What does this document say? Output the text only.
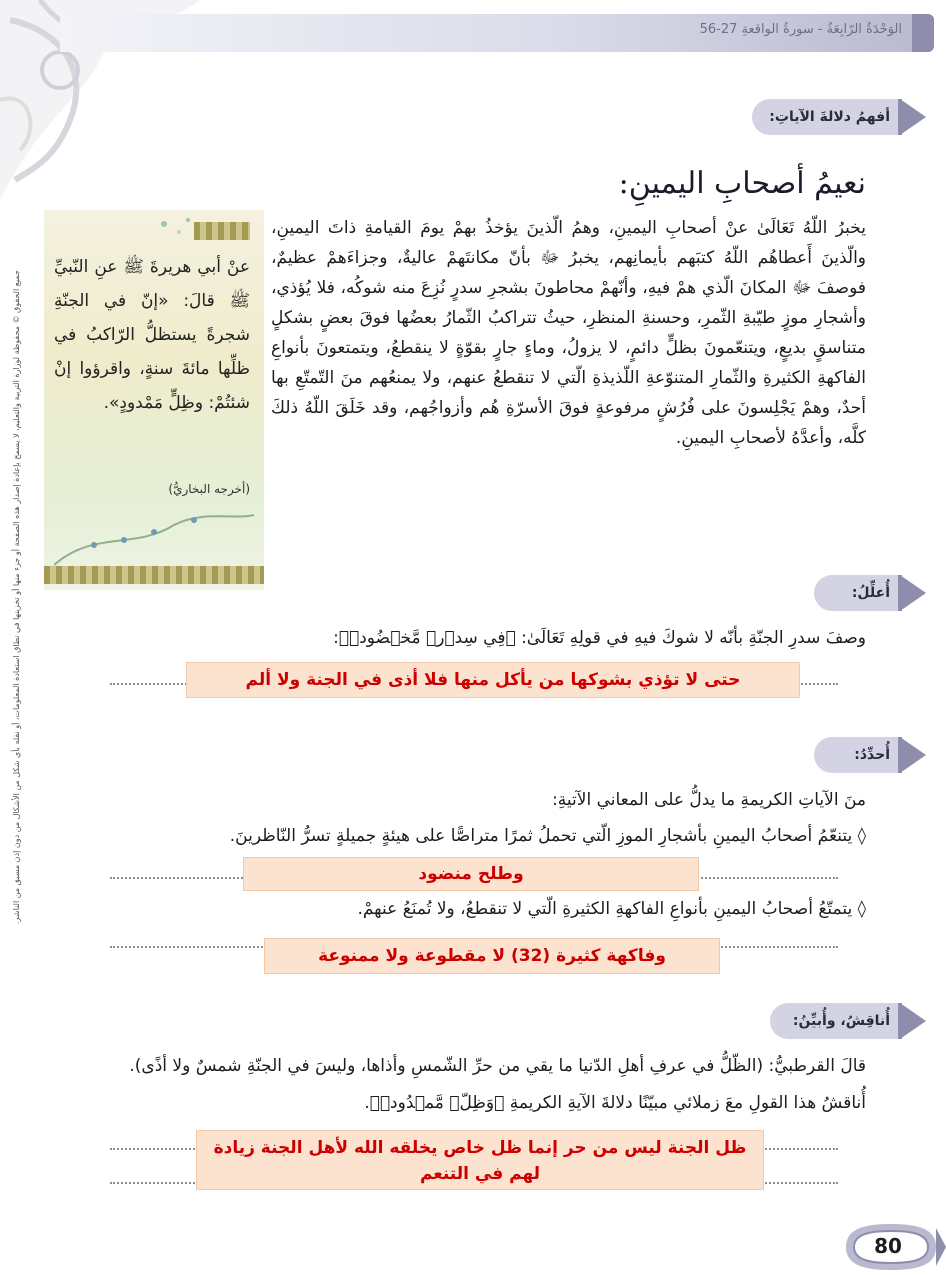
الوَحْدَةُ الرّابِعَةُ - سورةُ الواقعةِ 27-56
أفهمُ دلالةَ الآياتِ:
نعيمُ أصحابِ اليمينِ:
يخبرُ اللّهُ تَعَالَىٰ عنْ أصحابِ اليمينِ، وهمُ الّذينَ يؤخذُ بهمْ يومَ القيامةِ ذاتَ اليمينِ، والّذينَ أَعطاهُم اللّهُ كتبَهم بأيمانِهم، يخبرُ ﷻ بأنّ مكانتَهمْ عاليةٌ، وجزاءَهمْ عظيمٌ، فوصفَ ﷻ المكانَ الّذي همْ فيهِ، وأنّهمْ محاطونَ بشجرِ سدرٍ نُزِعَ منه شوكُه، فلا يُؤذي، وأشجارِ موزٍ طيّبةِ الثّمرِ، وحسنةِ المنظرِ، حيثُ تتراكبُ الثّمارُ بعضُها فوقَ بعضٍ بشكلٍ متناسقٍ بديعٍ، ويتنعّمونَ بظلٍّ دائمٍ، لا يزولُ، وماءٍ جارٍ بقوّةٍ لا ينقطعُ، ويتمتعونَ بأنواعِ الفاكهةِ الكثيرةِ والثّمارِ المتنوّعةِ اللّذيذةِ الّتي لا تنقطعُ عنهم، ولا يمنعُهم منَ التّمتّعِ بها أحدٌ، وهمْ يَجْلِسونَ على فُرُشٍ مرفوعةٍ فوقَ الأسرّةِ هُم وأزواجُهم، وقد خَلَقَ اللّهُ ذلكَ كلَّه، وأعدَّهُ لأصحابِ اليمينِ.
عنْ أبي هريرةَ ﷺ عنِ النّبيِّ ﷺ قالَ: «إنّ في الجنّةِ شجرةً يستظلُّ الرّاكبُ في ظلِّها مائةَ سنةٍ، واقرؤوا إنْ شئتُمْ: وظِلٍّ مَمْدودٍ».
(أخرجه البخاريُّ)
جميع الحقوق © محفوظة لوزارة التربية والتعليم، لا يسمح بإعادة إصدار هذه الصفحة أو جزء منها أو تخزينها في نطاق استعادة المعلومات، أو نقله بأي شكل من الأشكال من دون إذن مسبق من الناشر.	أُعلِّلُ:
وصفَ سدرِ الجنّةِ بأنّه لا شوكَ فيهِ في قولِهِ تَعَالَىٰ: ﴿فِي سِدۡرٖ مَّخۡضُودٖ﴾:
حتى لا تؤذي بشوكها من يأكل منها فلا أذى في الجنة ولا ألم
أُحدِّدُ:
منَ الآياتِ الكريمةِ ما يدلُّ على المعاني الآتيةِ:
◊ يتنعّمُ أصحابُ اليمينِ بأشجارِ الموزِ الّتي تحملُ ثمرًا متراصًّا على هيئةٍ جميلةٍ تسرُّ النّاظرينَ.
وطلح منضود
◊ يتمتّعُ أصحابُ اليمينِ بأنواعِ الفاكهةِ الكثيرةِ الّتي لا تنقطعُ، ولا تُمنَعُ عنهمْ.
وفاكهة كثيرة (32) لا مقطوعة ولا ممنوعة
أُناقِشُ، وأُبيِّنُ:
قالَ القرطبيُّ: (الظّلُّ في عرفِ أهلِ الدّنيا ما يقي من حرِّ الشّمسِ وأذاها، وليسَ في الجنّةِ شمسٌ ولا أذًى).
أُناقشُ هذا القولِ معَ زملائي مبيّنًا دلالةَ الآيةِ الكريمةِ ﴿وَظِلّٖ مَّمۡدُودٖ﴾.
ظل الجنة ليس من حر إنما ظل خاص يخلقه الله لأهل الجنة زيادة
لهم في التنعم
80
